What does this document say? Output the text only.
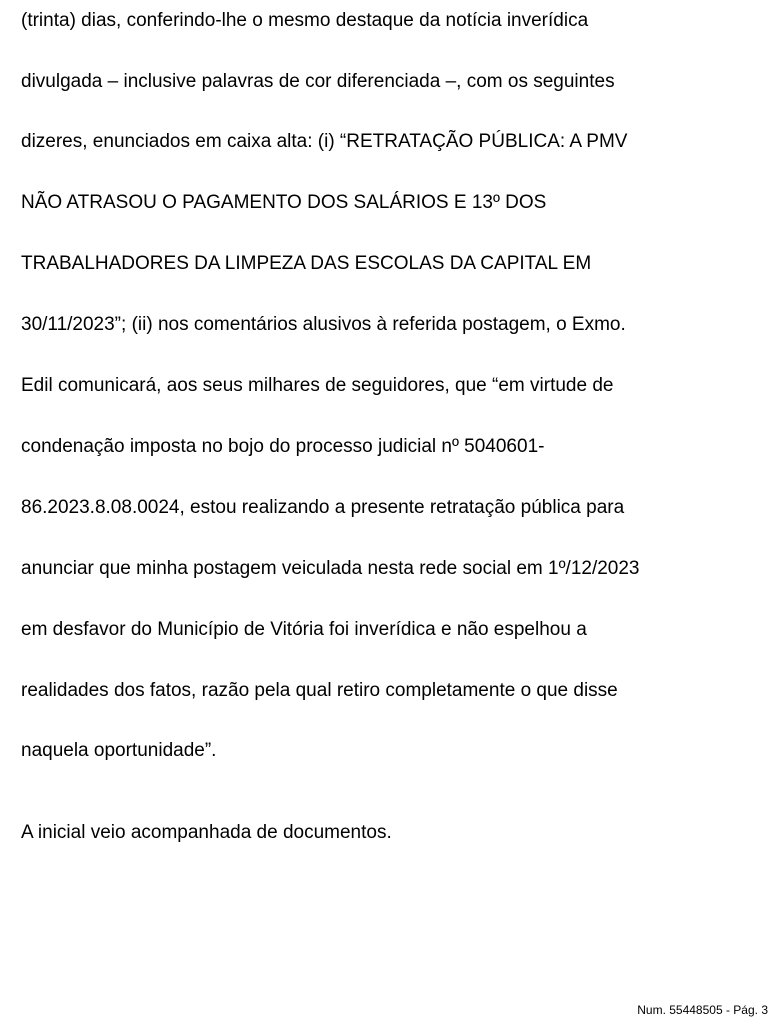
(trinta) dias, conferindo-lhe o mesmo destaque da notícia inverídica
divulgada – inclusive palavras de cor diferenciada –, com os seguintes
dizeres, enunciados em caixa alta: (i) “RETRATAÇÃO PÚBLICA: A PMV
NÃO ATRASOU O PAGAMENTO DOS SALÁRIOS E 13º DOS
TRABALHADORES DA LIMPEZA DAS ESCOLAS DA CAPITAL EM
30/11/2023”; (ii) nos comentários alusivos à referida postagem, o Exmo.
Edil comunicará, aos seus milhares de seguidores, que “em virtude de
condenação imposta no bojo do processo judicial nº 5040601-
86.2023.8.08.0024, estou realizando a presente retratação pública para
anunciar que minha postagem veiculada nesta rede social em 1º/12/2023
em desfavor do Município de Vitória foi inverídica e não espelhou a
realidades dos fatos, razão pela qual retiro completamente o que disse
naquela oportunidade”.
A inicial veio acompanhada de documentos.
Num. 55448505 - Pág. 3
